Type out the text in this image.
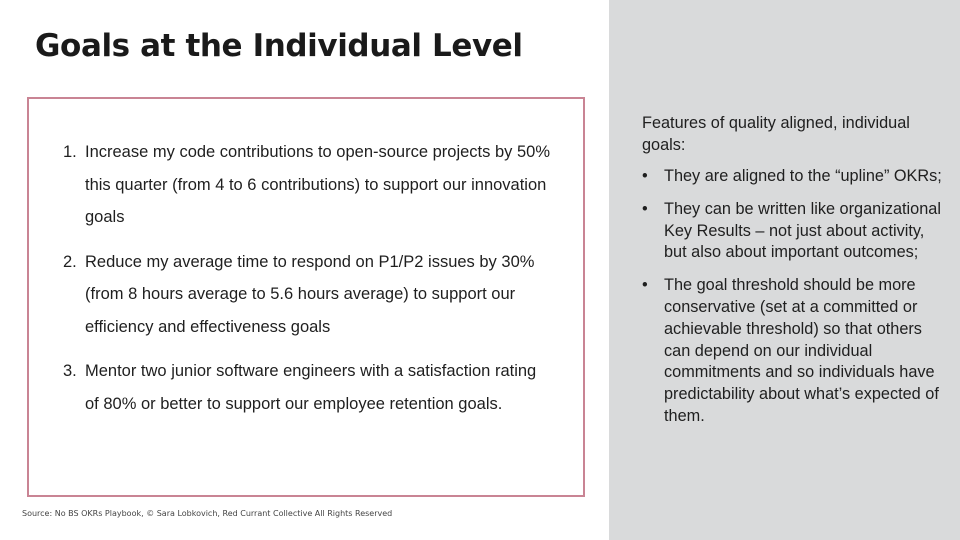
Goals at the Individual Level
1. Increase my code contributions to open-source projects by 50% this quarter (from 4 to 6 contributions) to support our innovation goals
2. Reduce my average time to respond on P1/P2 issues by 30% (from 8 hours average to 5.6 hours average) to support our efficiency and effectiveness goals
3. Mentor two junior software engineers with a satisfaction rating of 80% or better to support our employee retention goals.
Source: No BS OKRs Playbook, © Sara Lobkovich, Red Currant Collective All Rights Reserved
Features of quality aligned, individual goals:
• They are aligned to the “upline” OKRs;
• They can be written like organizational Key Results – not just about activity, but also about important outcomes;
• The goal threshold should be more conservative (set at a committed or achievable threshold) so that others can depend on our individual commitments and so individuals have predictability about what’s expected of them.
